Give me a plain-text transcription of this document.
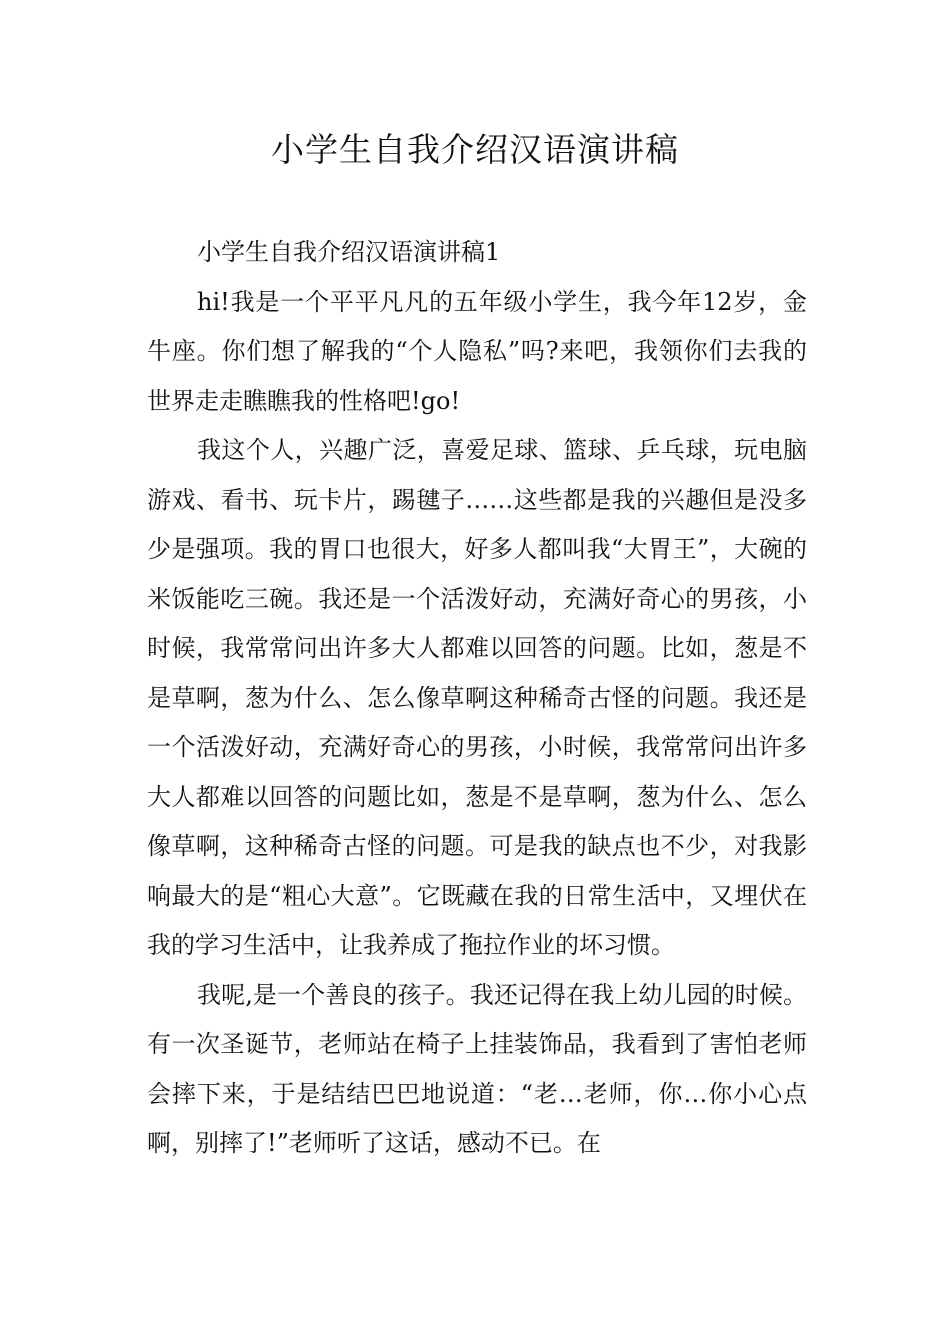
小学生自我介绍汉语演讲稿

小学生自我介绍汉语演讲稿1

hi!我是一个平平凡凡的五年级小学生，我今年12岁，金牛座。你们想了解我的“个人隐私”吗?来吧，我领你们去我的世界走走瞧瞧我的性格吧!go!

我这个人，兴趣广泛，喜爱足球、篮球、乒乓球，玩电脑游戏、看书、玩卡片，踢毽子……这些都是我的兴趣但是没多少是强项。我的胃口也很大，好多人都叫我“大胃王”，大碗的米饭能吃三碗。我还是一个活泼好动，充满好奇心的男孩，小时候，我常常问出许多大人都难以回答的问题。比如，葱是不是草啊，葱为什么、怎么像草啊这种稀奇古怪的问题。我还是一个活泼好动，充满好奇心的男孩，小时候，我常常问出许多大人都难以回答的问题比如，葱是不是草啊，葱为什么、怎么像草啊，这种稀奇古怪的问题。可是我的缺点也不少，对我影响最大的是“粗心大意”。它既藏在我的日常生活中，又埋伏在我的学习生活中，让我养成了拖拉作业的坏习惯。

我呢,是一个善良的孩子。我还记得在我上幼儿园的时候。有一次圣诞节，老师站在椅子上挂装饰品，我看到了害怕老师会摔下来，于是结结巴巴地说道：“老…老师，你…你小心点啊，别摔了!”老师听了这话，感动不已。在
